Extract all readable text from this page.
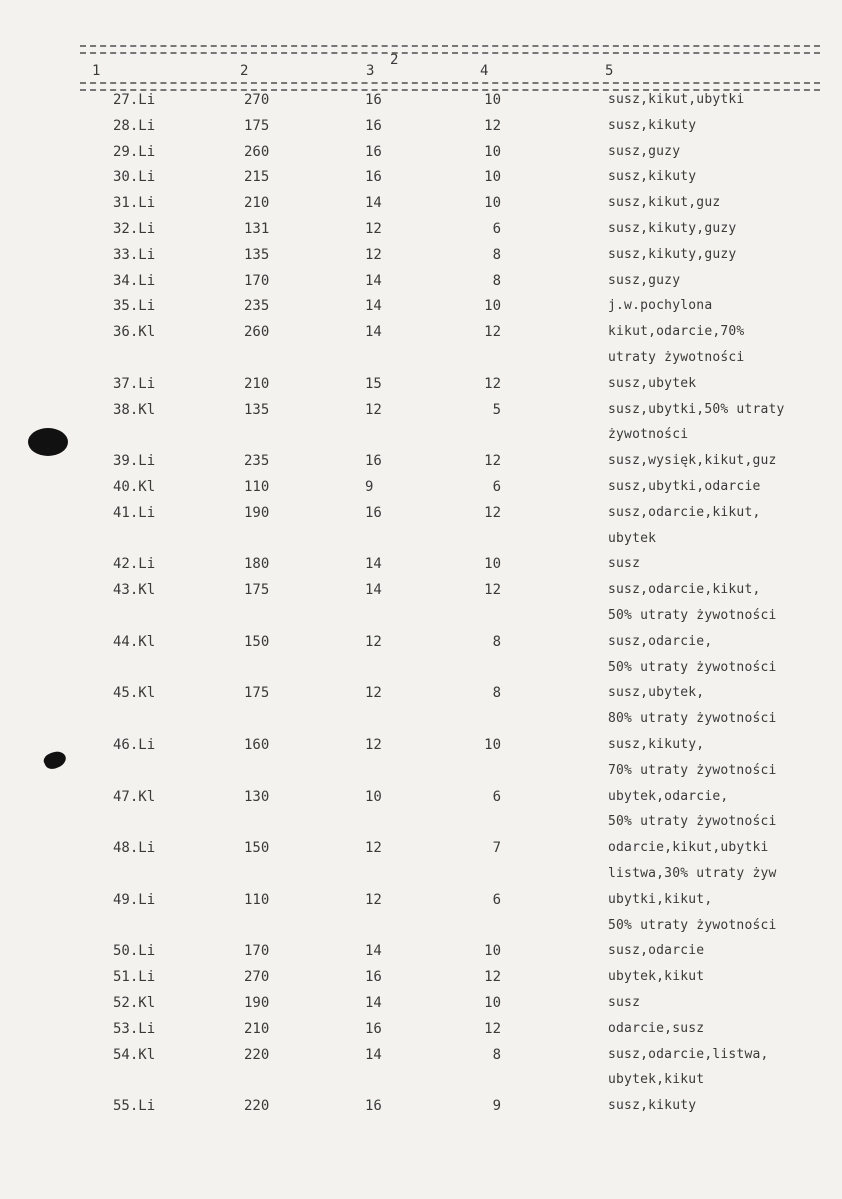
2
1	2	3	4	5
27.Li	270	16	10	susz,kikut,ubytki
28.Li	175	16	12	susz,kikuty
29.Li	260	16	10	susz,guzy
30.Li	215	16	10	susz,kikuty
31.Li	210	14	10	susz,kikut,guz
32.Li	131	12	6	susz,kikuty,guzy
33.Li	135	12	8	susz,kikuty,guzy
34.Li	170	14	8	susz,guzy
35.Li	235	14	10	j.w.pochylona
36.Kl	260	14	12	kikut,odarcie,70%
utraty żywotności
37.Li	210	15	12	susz,ubytek
38.Kl	135	12	5	susz,ubytki,50% utraty
żywotności
39.Li	235	16	12	susz,wysięk,kikut,guz
40.Kl	110	9	6	susz,ubytki,odarcie
41.Li	190	16	12	susz,odarcie,kikut,
ubytek
42.Li	180	14	10	susz
43.Kl	175	14	12	susz,odarcie,kikut,
50% utraty żywotności
44.Kl	150	12	8	susz,odarcie,
50% utraty żywotności
45.Kl	175	12	8	susz,ubytek,
80% utraty żywotności
46.Li	160	12	10	susz,kikuty,
70% utraty żywotności
47.Kl	130	10	6	ubytek,odarcie,
50% utraty żywotności
48.Li	150	12	7	odarcie,kikut,ubytki
listwa,30% utraty żyw
49.Li	110	12	6	ubytki,kikut,
50% utraty żywotności
50.Li	170	14	10	susz,odarcie
51.Li	270	16	12	ubytek,kikut
52.Kl	190	14	10	susz
53.Li	210	16	12	odarcie,susz
54.Kl	220	14	8	susz,odarcie,listwa,
ubytek,kikut
55.Li	220	16	9	susz,kikuty
